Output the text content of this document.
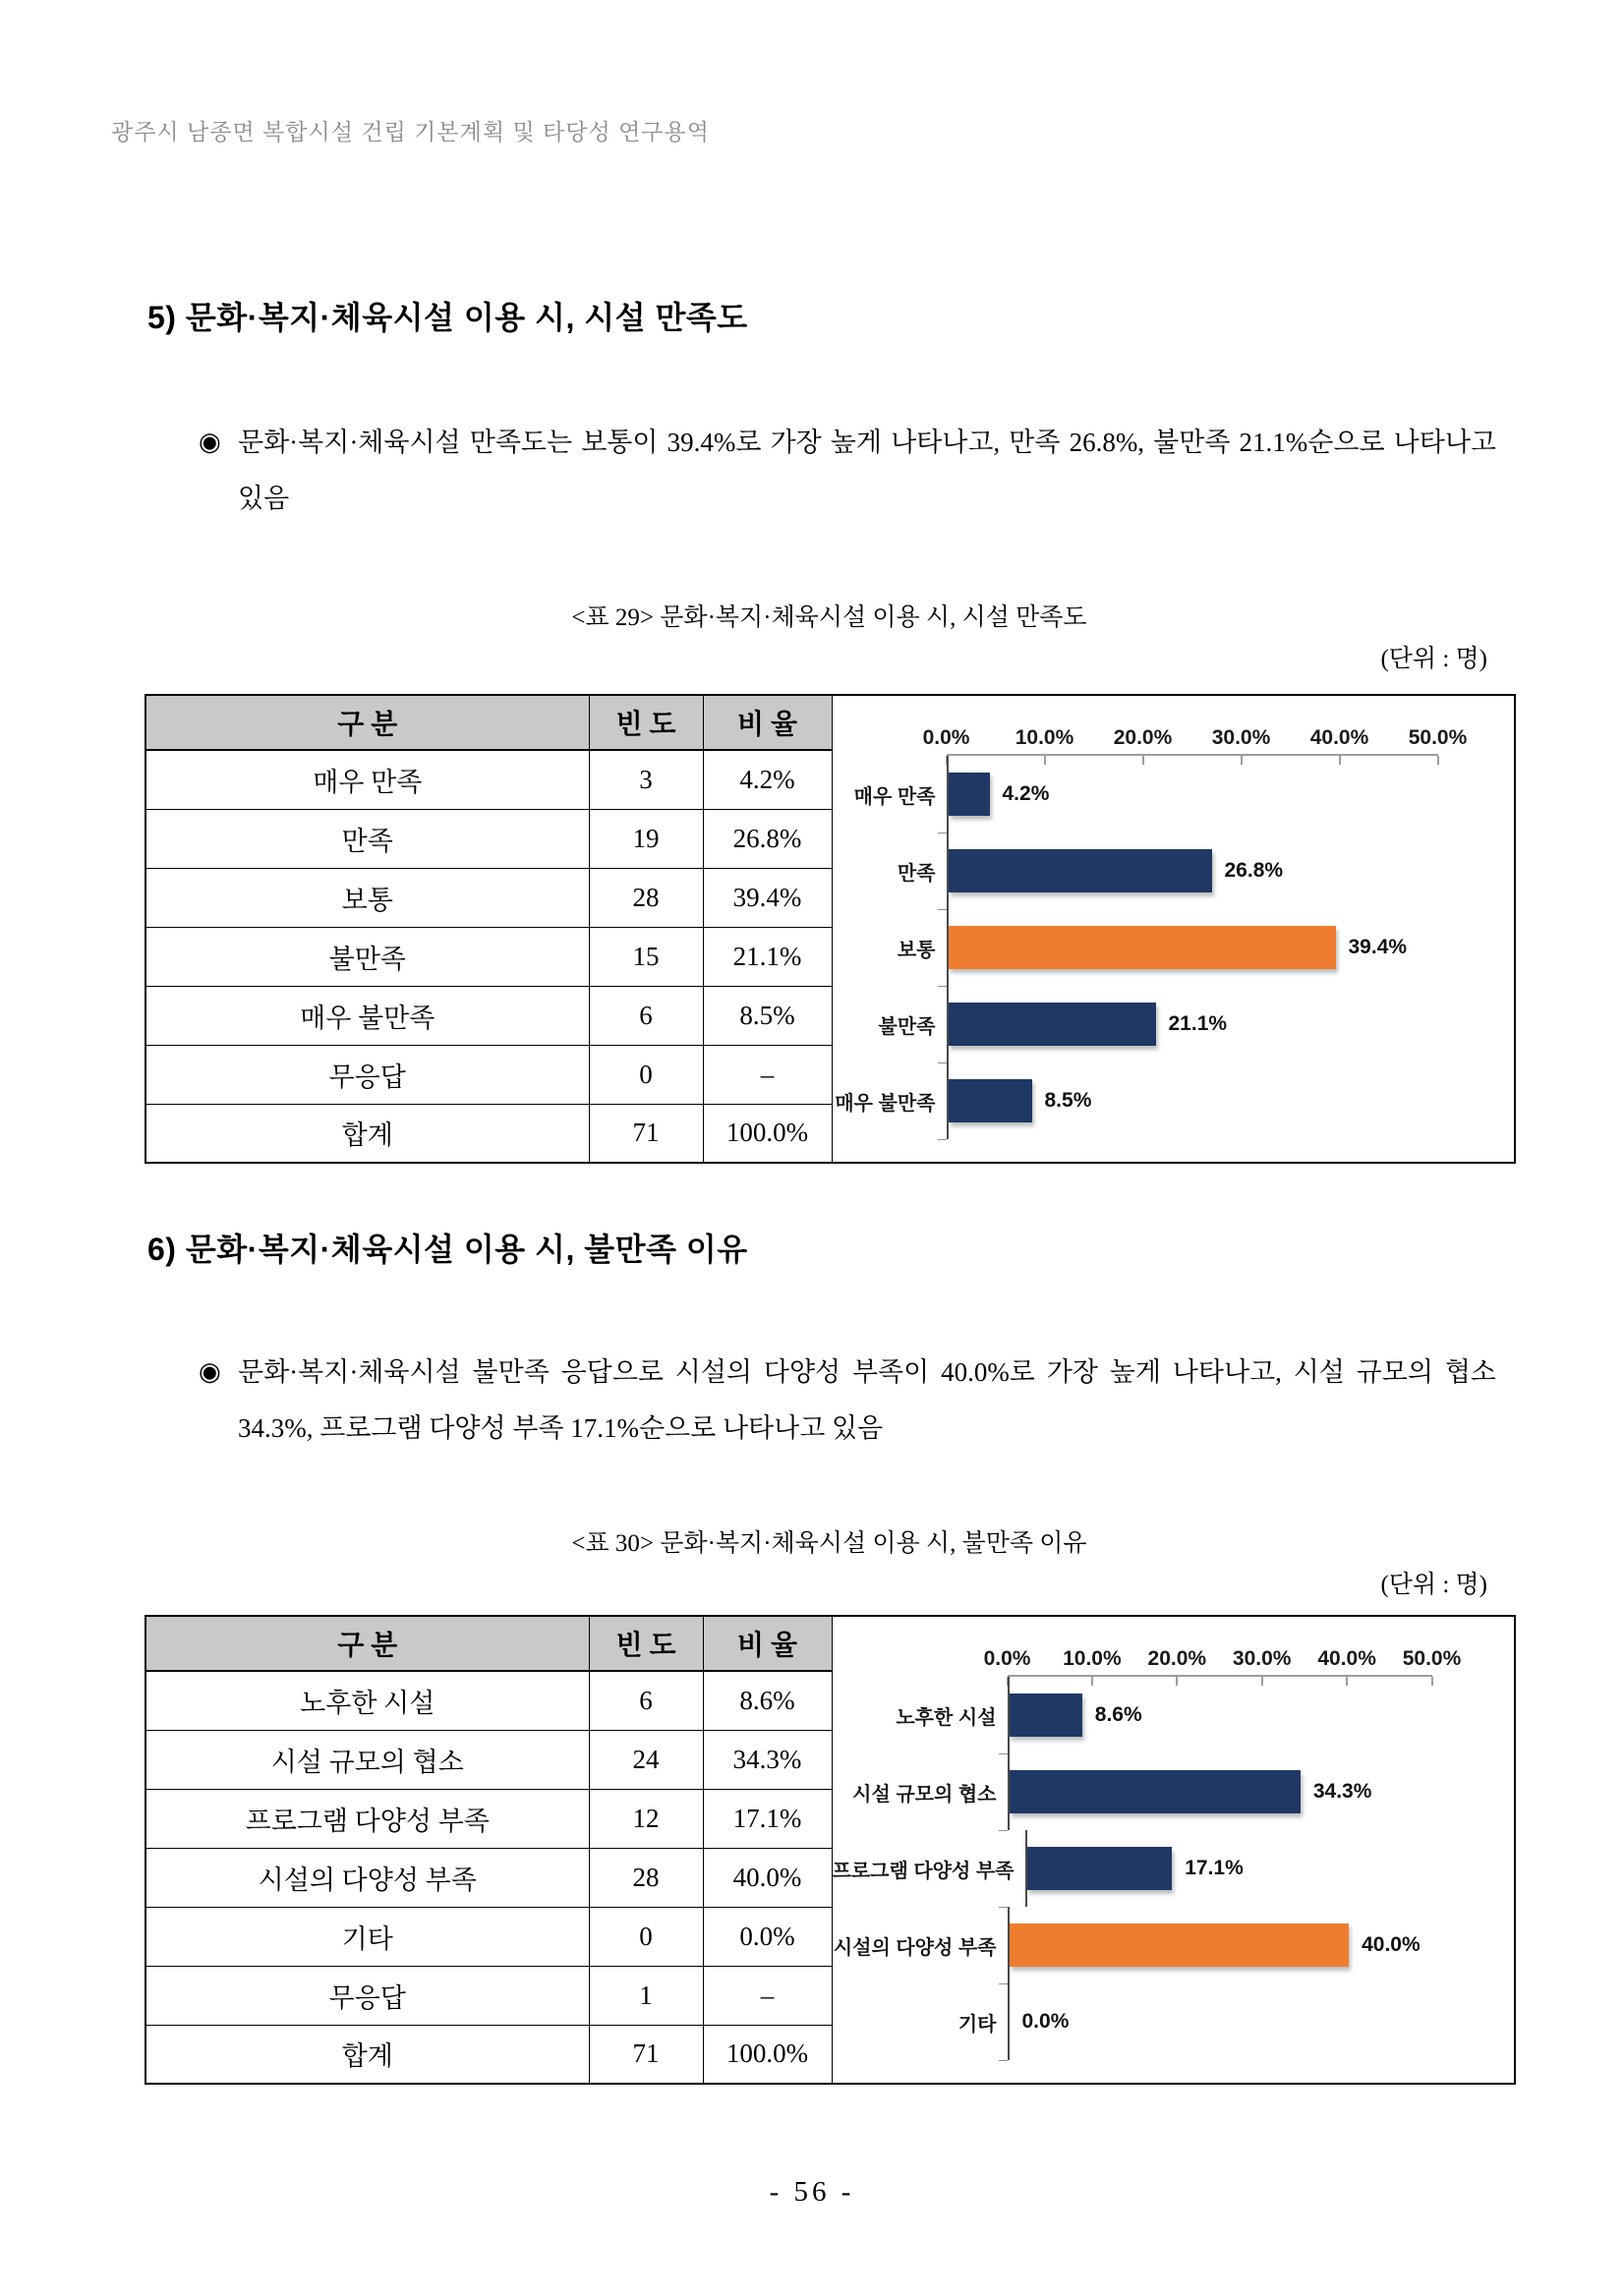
광주시 남종면 복합시설 건립 기본계획 및 타당성 연구용역
5) 문화·복지·체육시설 이용 시, 시설 만족도
◉ 문화·복지·체육시설 만족도는 보통이 39.4%로 가장 높게 나타나고, 만족 26.8%, 불만족 21.1%순으로 나타나고 있음
<표 29> 문화·복지·체육시설 이용 시, 시설 만족도
(단위 : 명)
구 분	빈 도	비 율	0.0% 10.0% 20.0% 30.0% 40.0% 50.0%
매우 만족	4.2%
만족	26.8%
보통	39.4%
불만족	21.1%
매우 불만족	8.5%

매우 만족	3	4.2%	
만족	19	26.8%	
보통	28	39.4%	
불만족	15	21.1%	
매우 불만족	6	8.5%	
무응답	0	–	
합계	71	100.0%	
6) 문화·복지·체육시설 이용 시, 불만족 이유
◉ 문화·복지·체육시설 불만족 응답으로 시설의 다양성 부족이 40.0%로 가장 높게 나타나고, 시설 규모의 협소 34.3%, 프로그램 다양성 부족 17.1%순으로 나타나고 있음
<표 30> 문화·복지·체육시설 이용 시, 불만족 이유
(단위 : 명)
구 분	빈 도	비 율	0.0% 10.0% 20.0% 30.0% 40.0% 50.0%
노후한 시설	8.6%
시설 규모의 협소	34.3%
프로그램 다양성 부족	17.1%
시설의 다양성 부족	40.0%
기타	0.0%

노후한 시설	6	8.6%	
시설 규모의 협소	24	34.3%	
프로그램 다양성 부족	12	17.1%	
시설의 다양성 부족	28	40.0%	
기타	0	0.0%	
무응답	1	–	
합계	71	100.0%	
- 56 -
